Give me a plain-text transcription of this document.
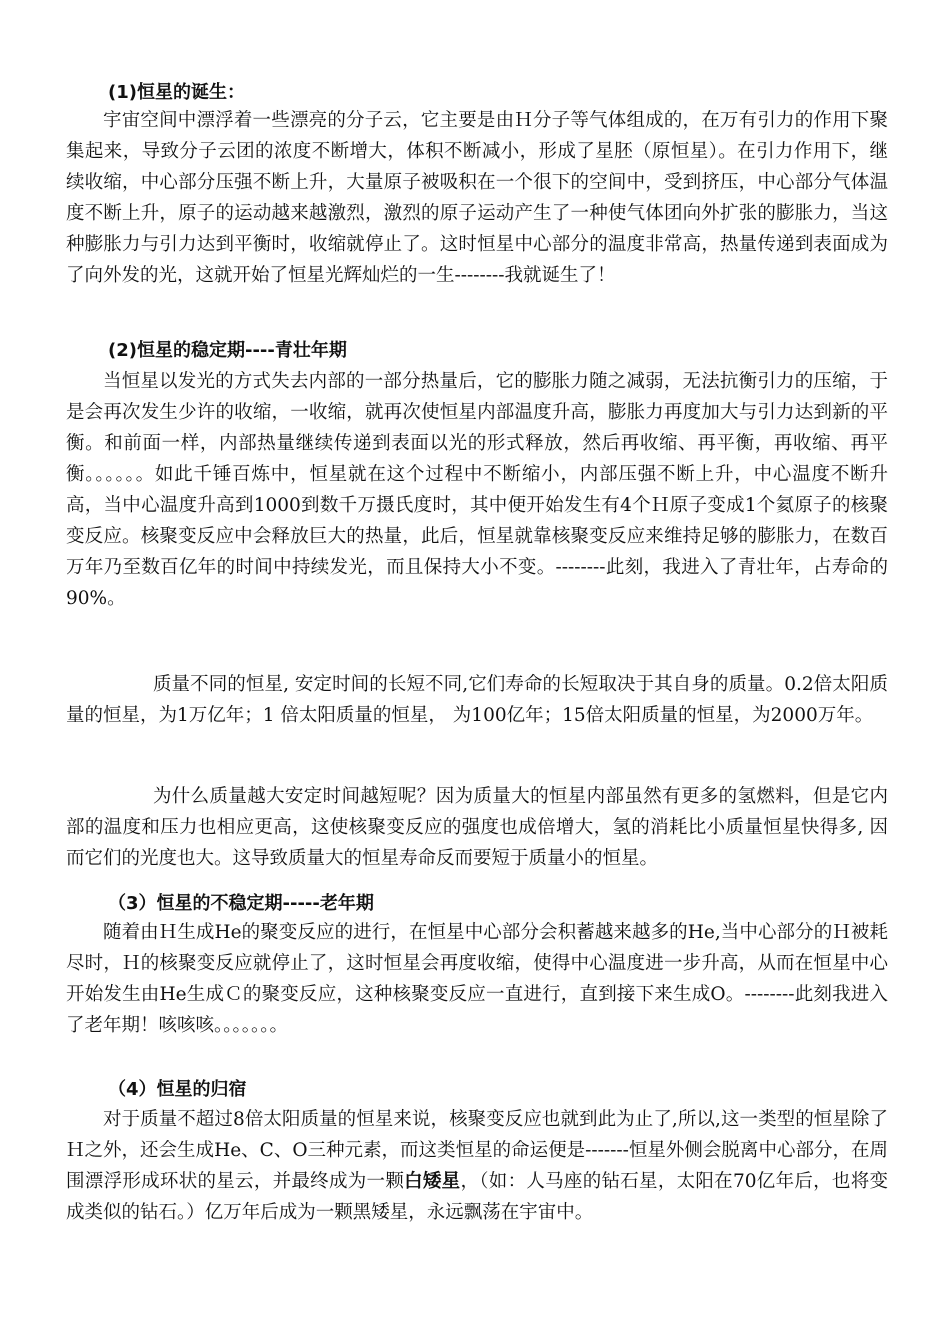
(1)恒星的诞生：

宇宙空间中漂浮着一些漂亮的分子云，它主要是由Ｈ分子等气体组成的，在万有引力的作用下聚集起来，导致分子云团的浓度不断增大，体积不断减小，形成了星胚（原恒星）。在引力作用下，继续收缩，中心部分压强不断上升，大量原子被吸积在一个很下的空间中，受到挤压，中心部分气体温度不断上升，原子的运动越来越激烈，激烈的原子运动产生了一种使气体团向外扩张的膨胀力，当这种膨胀力与引力达到平衡时，收缩就停止了。这时恒星中心部分的温度非常高，热量传递到表面成为了向外发的光，这就开始了恒星光辉灿烂的一生--------我就诞生了！

(2)恒星的稳定期----青壮年期

当恒星以发光的方式失去内部的一部分热量后，它的膨胀力随之减弱，无法抗衡引力的压缩，于是会再次发生少许的收缩，一收缩，就再次使恒星内部温度升高，膨胀力再度加大与引力达到新的平衡。和前面一样，内部热量继续传递到表面以光的形式释放，然后再收缩、再平衡，再收缩、再平衡。。。。。。如此千锤百炼中，恒星就在这个过程中不断缩小，内部压强不断上升，中心温度不断升高，当中心温度升高到1000到数千万摄氏度时，其中便开始发生有4个Ｈ原子变成1个氦原子的核聚变反应。核聚变反应中会释放巨大的热量，此后，恒星就靠核聚变反应来维持足够的膨胀力，在数百万年乃至数百亿年的时间中持续发光，而且保持大小不变。--------此刻，我进入了青壮年，占寿命的90%。

质量不同的恒星, 安定时间的长短不同,它们寿命的长短取决于其自身的质量。0.2倍太阳质量的恒星，为1万亿年；1 倍太阳质量的恒星， 为100亿年；15倍太阳质量的恒星，为2000万年。

为什么质量越大安定时间越短呢？因为质量大的恒星内部虽然有更多的氢燃料，但是它内部的温度和压力也相应更高，这使核聚变反应的强度也成倍增大，氢的消耗比小质量恒星快得多, 因而它们的光度也大。这导致质量大的恒星寿命反而要短于质量小的恒星。

（3）恒星的不稳定期-----老年期

随着由Ｈ生成He的聚变反应的进行，在恒星中心部分会积蓄越来越多的He,当中心部分的Ｈ被耗尽时，Ｈ的核聚变反应就停止了，这时恒星会再度收缩，使得中心温度进一步升高，从而在恒星中心开始发生由He生成Ｃ的聚变反应，这种核聚变反应一直进行，直到接下来生成O。--------此刻我进入了老年期！咳咳咳。。。。。。。

（4）恒星的归宿

对于质量不超过8倍太阳质量的恒星来说，核聚变反应也就到此为止了,所以,这一类型的恒星除了Ｈ之外，还会生成He、C、O三种元素，而这类恒星的命运便是-------恒星外侧会脱离中心部分，在周围漂浮形成环状的星云，并最终成为一颗白矮星，（如：人马座的钻石星，太阳在70亿年后，也将变成类似的钻石。）亿万年后成为一颗黑矮星，永远飘荡在宇宙中。
